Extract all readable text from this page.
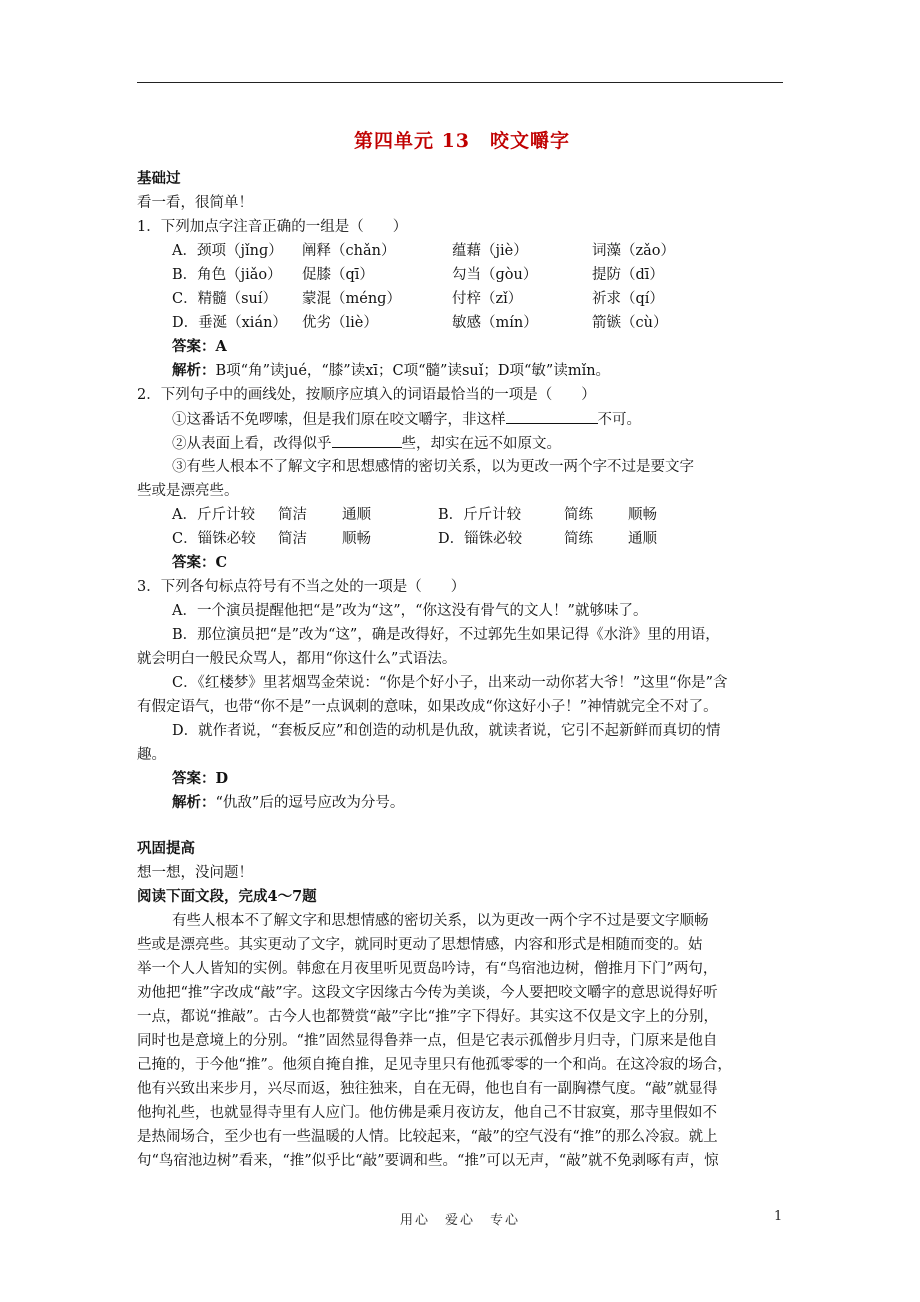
第四单元 13　咬文嚼字
基础过
看一看，很简单！
1．下列加点字注音正确的一组是（　　）
A．颈项（jǐnɡ） 阐释（chǎn）	蕴藉（jiè）	词藻（zǎo）
B．角色（jiǎo） 促膝（qī）	勾当（ɡòu）	提防（dī）
C．精髓（suí） 蒙混（ménɡ）	付梓（zǐ）	祈求（qí）
D．垂涎（xián） 优劣（liè）	敏感（mín）	箭镞（cù）
答案：A
解析：B项“角”读jué，“膝”读xī；C项“髓”读suǐ；D项“敏”读mǐn。
2．下列句子中的画线处，按顺序应填入的词语最恰当的一项是（　　）
①这番话不免啰嗦，但是我们原在咬文嚼字，非这样	不可。
②从表面上看，改得似乎	些，却实在远不如原文。
③有些人根本不了解文字和思想感情的密切关系，以为更改一两个字不过是要文字
些或是漂亮些。
A．斤斤计较 简洁 通顺	B．斤斤计较	简练 顺畅
C．锱铢必较 简洁 顺畅	D．锱铢必较	简练 通顺
答案：C
3．下列各句标点符号有不当之处的一项是（　　）
A．一个演员提醒他把“是”改为“这”，“你这没有骨气的文人！”就够味了。
B．那位演员把“是”改为“这”，确是改得好，不过郭先生如果记得《水浒》里的用语，
就会明白一般民众骂人，都用“你这什么”式语法。
C．《红楼梦》里茗烟骂金荣说：“你是个好小子，出来动一动你茗大爷！”这里“你是”含
有假定语气，也带“你不是”一点讽刺的意味，如果改成“你这好小子！”神情就完全不对了。
D．就作者说，“套板反应”和创造的动机是仇敌，就读者说，它引不起新鲜而真切的情
趣。
答案：D
解析：“仇敌”后的逗号应改为分号。
巩固提高
想一想，没问题！
阅读下面文段，完成4～7题
有些人根本不了解文字和思想情感的密切关系，以为更改一两个字不过是要文字顺畅
些或是漂亮些。其实更动了文字，就同时更动了思想情感，内容和形式是相随而变的。姑
举一个人人皆知的实例。韩愈在月夜里听见贾岛吟诗，有“鸟宿池边树，僧推月下门”两句，
劝他把“推”字改成“敲”字。这段文字因缘古今传为美谈，今人要把咬文嚼字的意思说得好听
一点，都说“推敲”。古今人也都赞赏“敲”字比“推”字下得好。其实这不仅是文字上的分别，
同时也是意境上的分别。“推”固然显得鲁莽一点，但是它表示孤僧步月归寺，门原来是他自
己掩的，于今他“推”。他须自掩自推，足见寺里只有他孤零零的一个和尚。在这冷寂的场合，
他有兴致出来步月，兴尽而返，独往独来，自在无碍，他也自有一副胸襟气度。“敲”就显得
他拘礼些，也就显得寺里有人应门。他仿佛是乘月夜访友，他自己不甘寂寞，那寺里假如不
是热闹场合，至少也有一些温暖的人情。比较起来，“敲”的空气没有“推”的那么冷寂。就上
句“鸟宿池边树”看来，“推”似乎比“敲”要调和些。“推”可以无声，“敲”就不免剥啄有声，惊
用心　爱心　专心	1
